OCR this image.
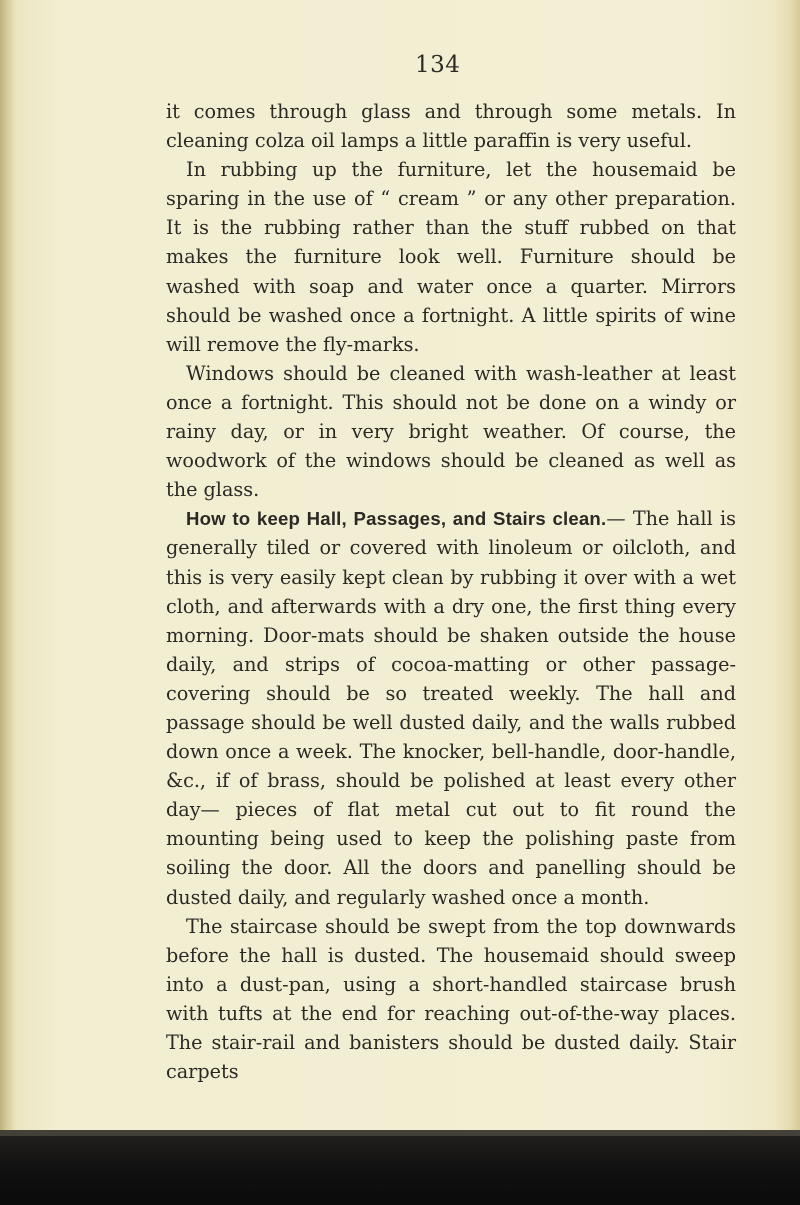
134

it comes through glass and through some metals. In cleaning colza oil lamps a little paraffin is very useful.

In rubbing up the furniture, let the housemaid be sparing in the use of “ cream ” or any other preparation. It is the rubbing rather than the stuff rubbed on that makes the furniture look well. Furniture should be washed with soap and water once a quarter. Mirrors should be washed once a fortnight. A little spirits of wine will remove the fly-marks.

Windows should be cleaned with wash-leather at least once a fortnight. This should not be done on a windy or rainy day, or in very bright weather. Of course, the woodwork of the windows should be cleaned as well as the glass.

How to keep Hall, Passages, and Stairs clean.— The hall is generally tiled or covered with linoleum or oilcloth, and this is very easily kept clean by rubbing it over with a wet cloth, and afterwards with a dry one, the first thing every morning. Door-mats should be shaken outside the house daily, and strips of cocoa-matting or other passage-covering should be so treated weekly. The hall and passage should be well dusted daily, and the walls rubbed down once a week. The knocker, bell-handle, door-handle, &c., if of brass, should be polished at least every other day— pieces of flat metal cut out to fit round the mounting being used to keep the polishing paste from soiling the door. All the doors and panelling should be dusted daily, and regularly washed once a month.

The staircase should be swept from the top downwards before the hall is dusted. The housemaid should sweep into a dust-pan, using a short-handled staircase brush with tufts at the end for reaching out-of-the-way places. The stair-rail and banisters should be dusted daily. Stair carpets
